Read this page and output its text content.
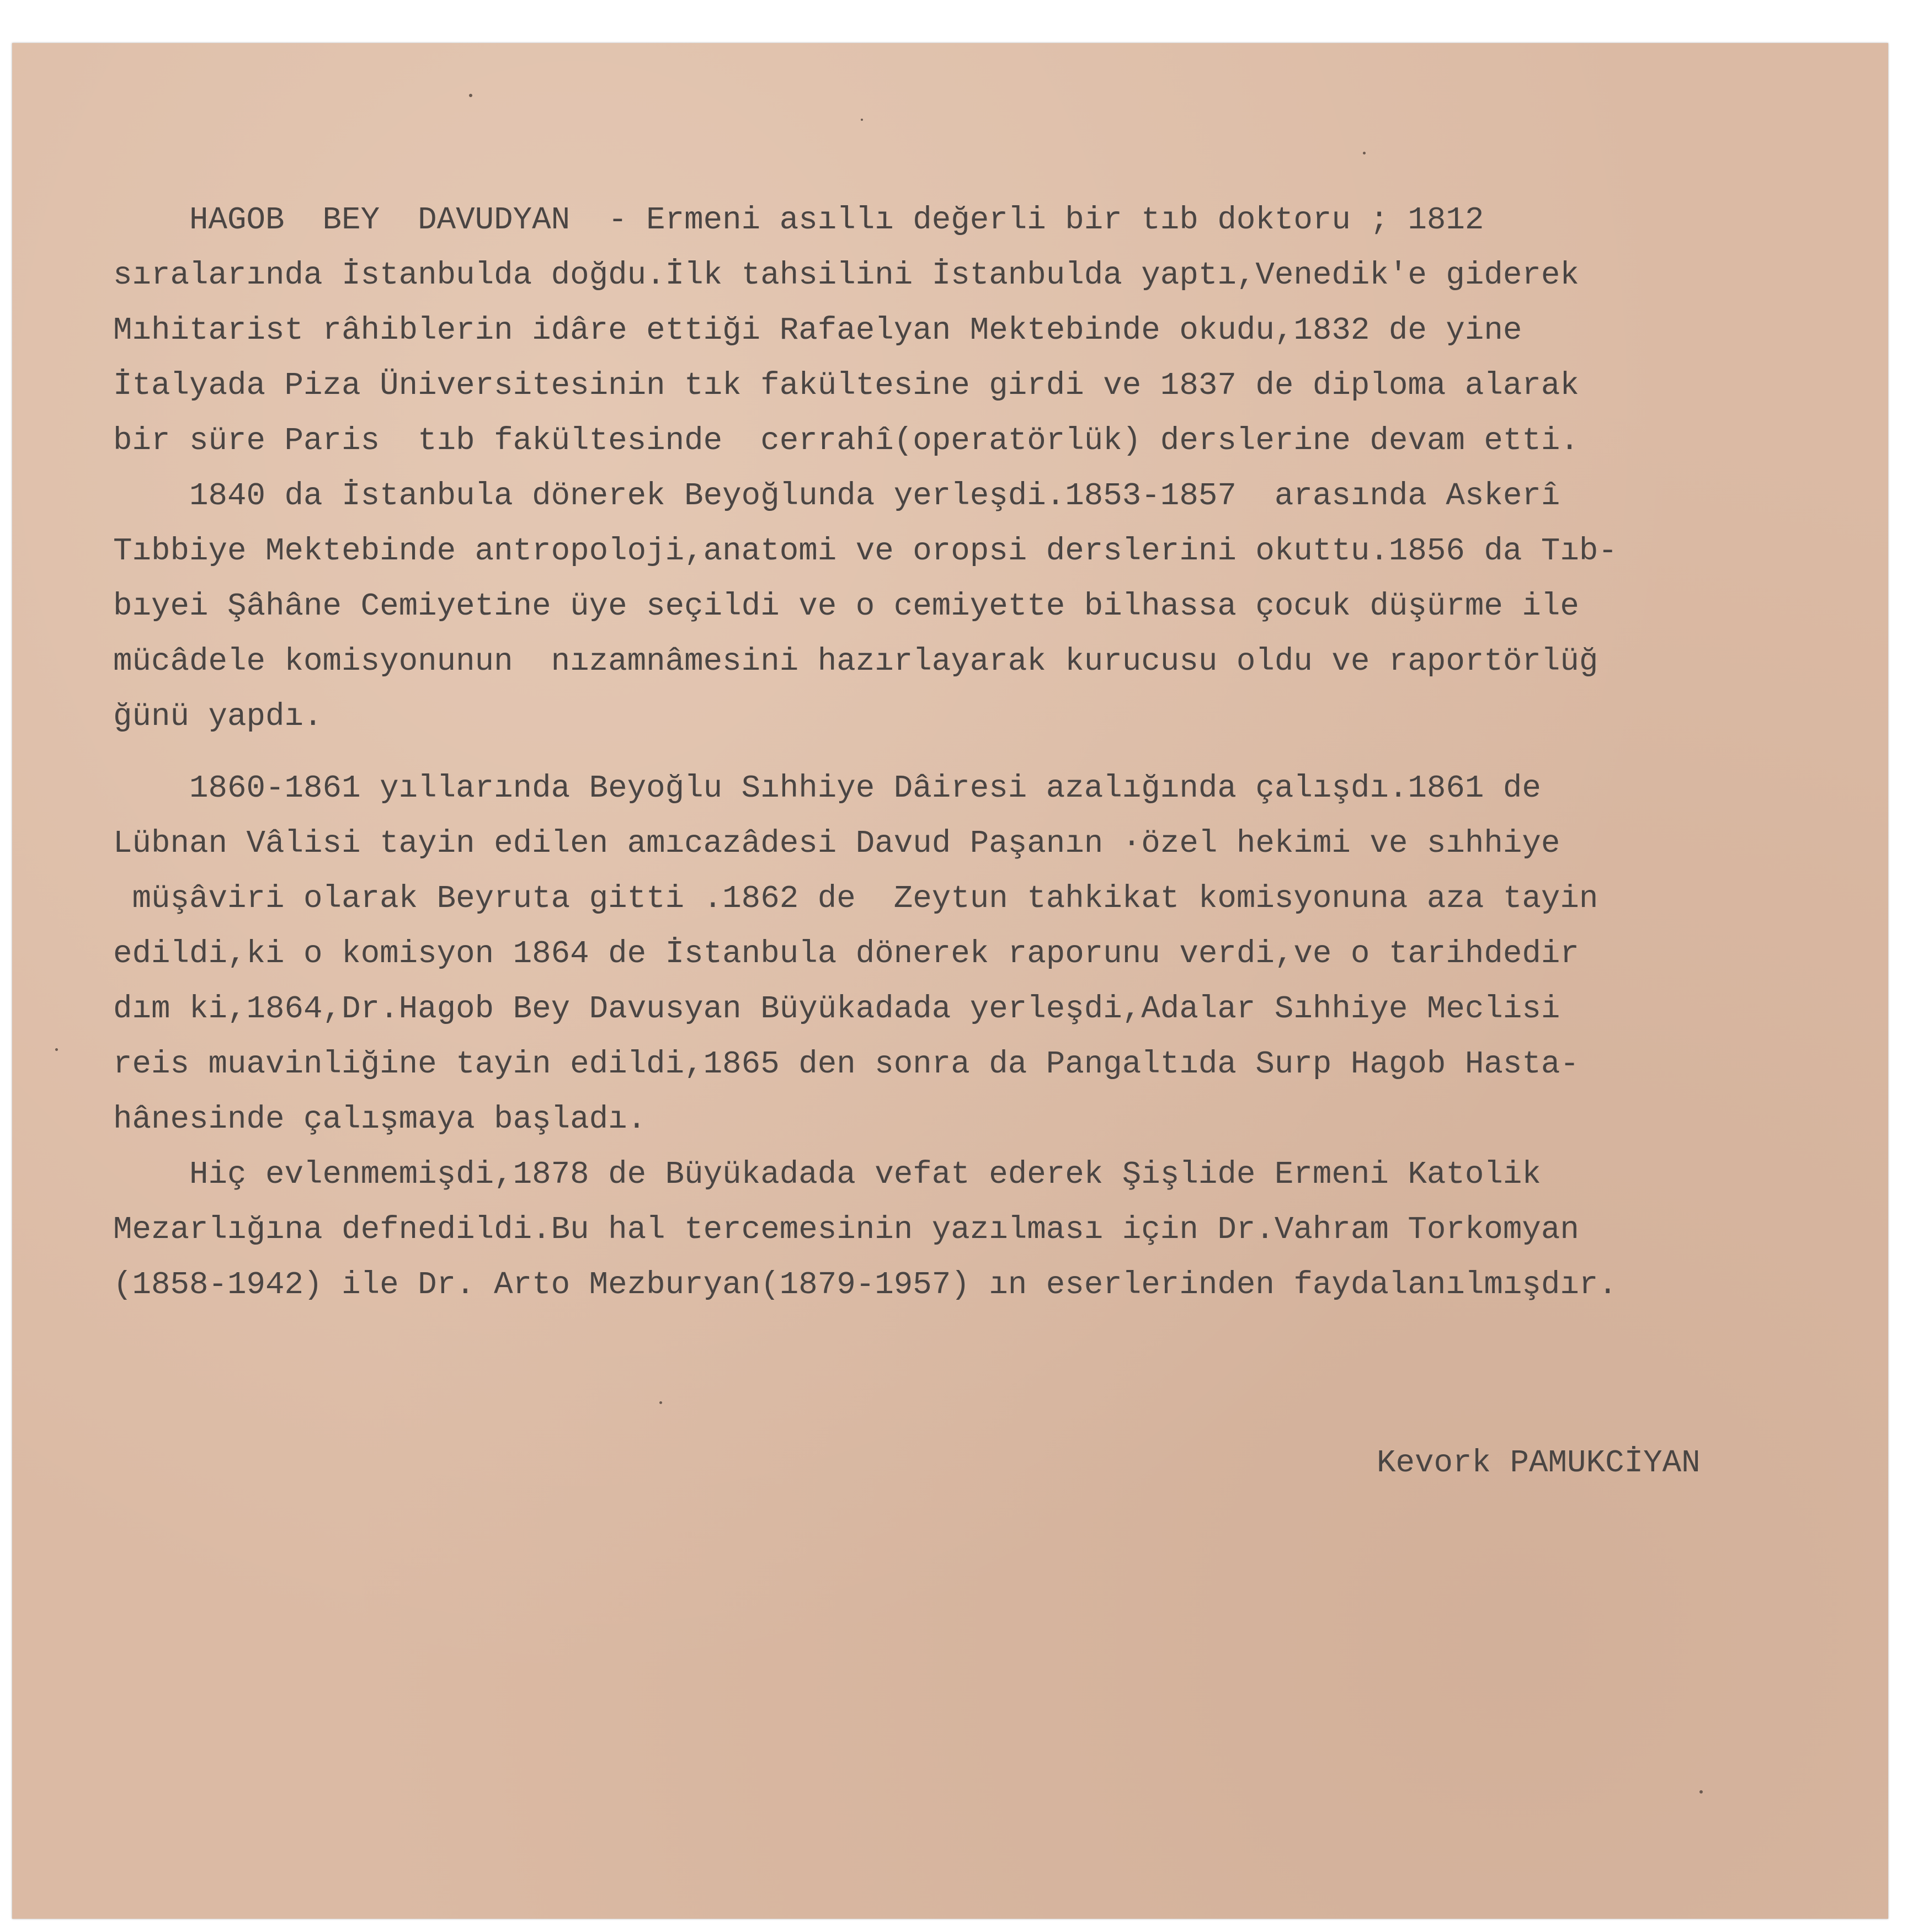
HAGOB  BEY  DAVUDYAN  - Ermeni asıllı değerli bir tıb doktoru ; 1812
sıralarında İstanbulda doğdu.İlk tahsilini İstanbulda yaptı,Venedik'e giderek
Mıhitarist râhiblerin idâre ettiği Rafaelyan Mektebinde okudu,1832 de yine
İtalyada Piza Üniversitesinin tık fakültesine girdi ve 1837 de diploma alarak
bir süre Paris  tıb fakültesinde  cerrahî(operatörlük) derslerine devam etti.
1840 da İstanbula dönerek Beyoğlunda yerleşdi.1853-1857  arasında Askerî
Tıbbiye Mektebinde antropoloji,anatomi ve oropsi derslerini okuttu.1856 da Tıb-
bıyei Şâhâne Cemiyetine üye seçildi ve o cemiyette bilhassa çocuk düşürme ile
mücâdele komisyonunun  nızamnâmesini hazırlayarak kurucusu oldu ve raportörlüğ
ğünü yapdı.
1860-1861 yıllarında Beyoğlu Sıhhiye Dâiresi azalığında çalışdı.1861 de
Lübnan Vâlisi tayin edilen amıcazâdesi Davud Paşanın ·özel hekimi ve sıhhiye
müşâviri olarak Beyruta gitti .1862 de  Zeytun tahkikat komisyonuna aza tayin
edildi,ki o komisyon 1864 de İstanbula dönerek raporunu verdi,ve o tarihdedir
dım ki,1864,Dr.Hagob Bey Davusyan Büyükadada yerleşdi,Adalar Sıhhiye Meclisi
reis muavinliğine tayin edildi,1865 den sonra da Pangaltıda Surp Hagob Hasta-
hânesinde çalışmaya başladı.
Hiç evlenmemişdi,1878 de Büyükadada vefat ederek Şişlide Ermeni Katolik
Mezarlığına defnedildi.Bu hal tercemesinin yazılması için Dr.Vahram Torkomyan
(1858-1942) ile Dr. Arto Mezburyan(1879-1957) ın eserlerinden faydalanılmışdır.
Kevork PAMUKCİYAN
